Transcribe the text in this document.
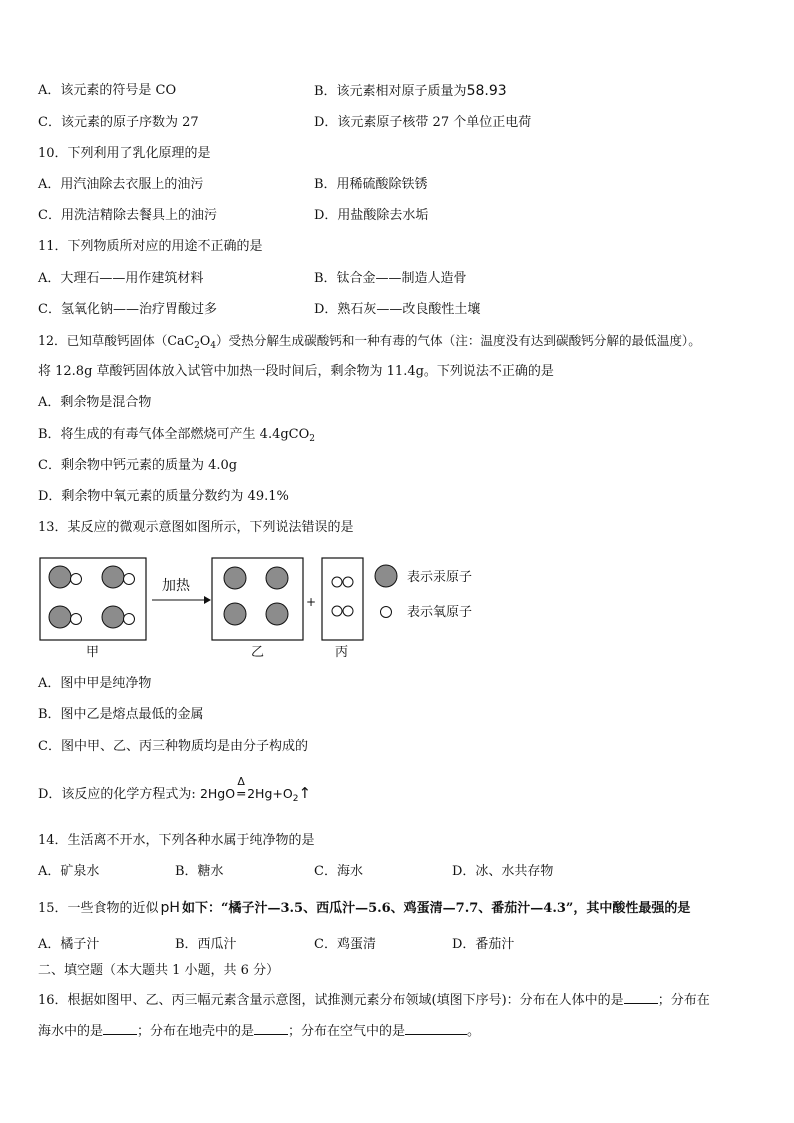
A．该元素的符号是 CO	B．该元素相对原子质量为58.93
C．该元素的原子序数为 27	D．该元素原子核带 27 个单位正电荷
10．下列利用了乳化原理的是
A．用汽油除去衣服上的油污	B．用稀硫酸除铁锈
C．用洗洁精除去餐具上的油污	D．用盐酸除去水垢
11．下列物质所对应的用途不正确的是
A．大理石——用作建筑材料	B．钛合金——制造人造骨
C．氢氧化钠——治疗胃酸过多	D．熟石灰——改良酸性土壤
12．已知草酸钙固体$(CaC_2O_4)$受热分解生成碳酸钙和一种有毒的气体（注：温度没有达到碳酸钙分解的最低温度）。
将 12.8g 草酸钙固体放入试管中加热一段时间后，剩余物为 11.4g。下列说法不正确的是
A．剩余物是混合物
B．将生成的有毒气体全部燃烧可产生 4.4gCO$_2$
C．剩余物中钙元素的质量为 4.0g
D．剩余物中氧元素的质量分数约为 49.1%
13．某反应的微观示意图如图所示，下列说法错误的是
加热
+
表示汞原子
表示氧原子
甲	乙	丙
A．图中甲是纯净物
B．图中乙是熔点最低的金属
C．图中甲、乙、丙三种物质均是由分子构成的
D．该反应的化学方程式为: 2HgO
Δ
═ $2Hg+O_2↑$
14．生活离不开水，下列各种水属于纯净物的是
A．矿泉水	B．糖水	C．海水	D．冰、水共存物
15．一些食物的近似 pH 如下：“橘子汁—3.5、西瓜汁—5.6、鸡蛋清—7.7、番茄汁—4.3”，其中酸性最强的是
A．橘子汁	B．西瓜汁	C．鸡蛋清	D．番茄汁
二、填空题（本大题共 1 小题，共 6 分）
16．根据如图甲、乙、丙三幅元素含量示意图，试推测元素分布领域(填图下序号)：分布在人体中的是	；分布在
海水中的是	；分布在地壳中的是	；分布在空气中的是	。
